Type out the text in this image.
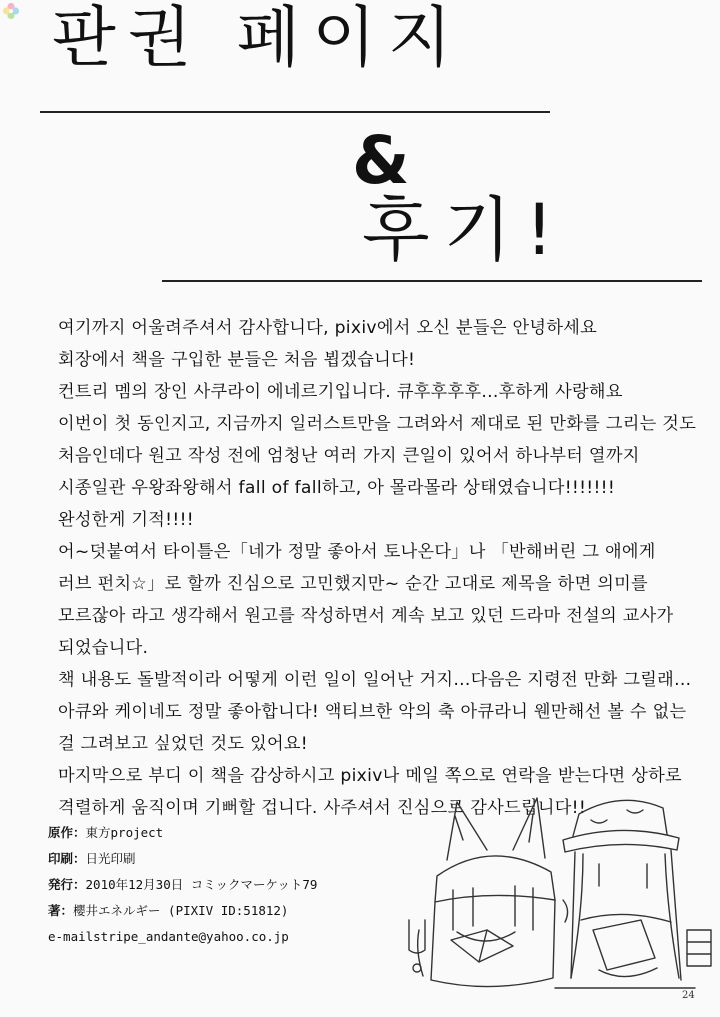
판권 페이지
&
후기!

여기까지 어울려주셔서 감사합니다, pixiv에서 오신 분들은 안녕하세요

회장에서 책을 구입한 분들은 처음 뵙겠습니다!

컨트리 멤의 장인 사쿠라이 에네르기입니다. 큐후후후후...후하게 사랑해요

이번이 첫 동인지고, 지금까지 일러스트만을 그려와서 제대로 된 만화를 그리는 것도

처음인데다 원고 작성 전에 엄청난 여러 가지 큰일이 있어서 하나부터 열까지

시종일관 우왕좌왕해서 fall of fall하고, 아 몰라몰라 상태였습니다!!!!!!!

완성한게 기적!!!!

어~덧붙여서 타이틀은「네가 정말 좋아서 토나온다」나 「반해버린 그 애에게

러브 펀치☆」로 할까 진심으로 고민했지만~ 순간 고대로 제목을 하면 의미를

모르잖아 라고 생각해서 원고를 작성하면서 계속 보고 있던 드라마 전설의 교사가

되었습니다.

책 내용도 돌발적이라 어떻게 이런 일이 일어난 거지…다음은 지령전 만화 그릴래…

아큐와 케이네도 정말 좋아합니다! 액티브한 악의 축 아큐라니 웬만해선 볼 수 없는

걸 그려보고 싶었던 것도 있어요!

마지막으로 부디 이 책을 감상하시고 pixiv나 메일 쪽으로 연락을 받는다면 상하로

격렬하게 움직이며 기뻐할 겁니다. 사주셔서 진심으로 감사드립니다!!

原作：東方project
印刷：日光印刷
発行：2010年12月30日 コミックマーケット79
著：櫻井エネルギー (PIXIV ID:51812)
e-mailstripe_andante@yahoo.co.jp
24
